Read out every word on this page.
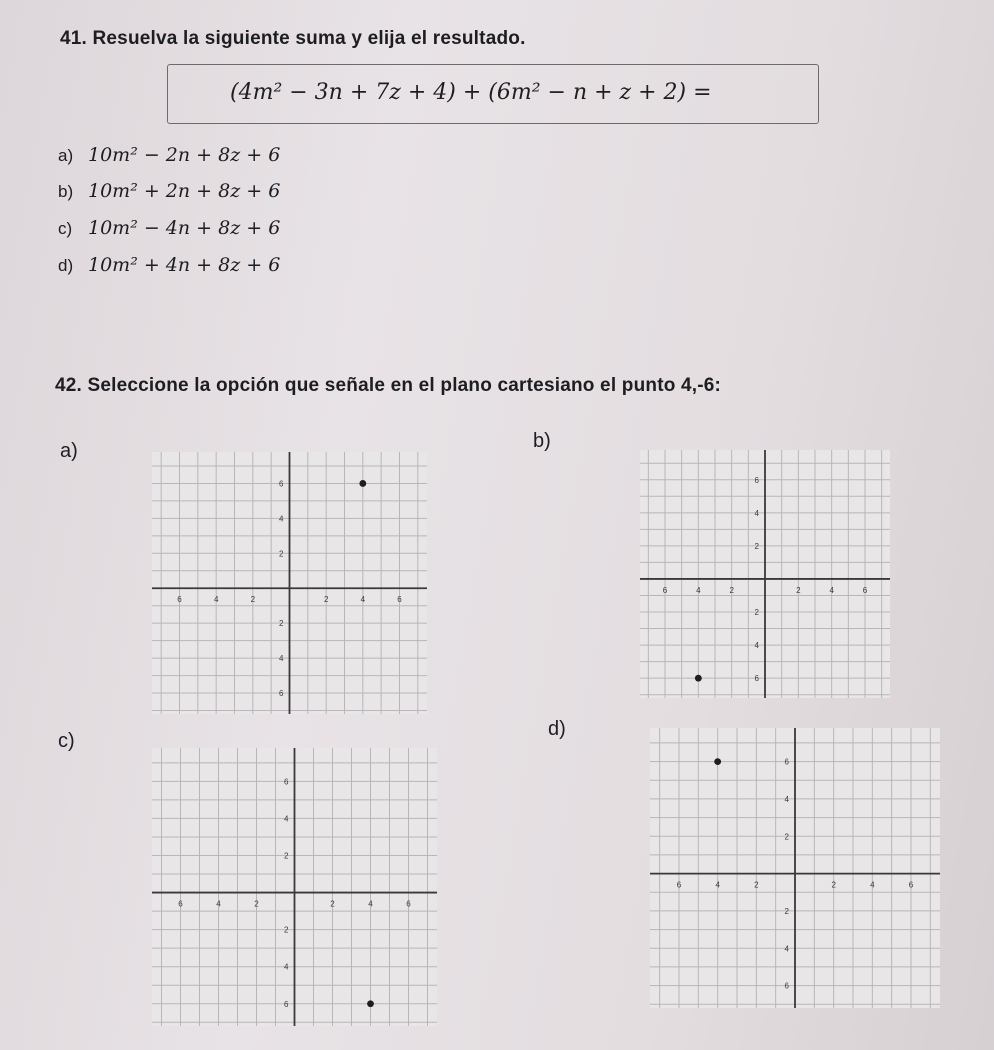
41. Resuelva la siguiente suma y elija el resultado.
(4m² − 3n + 7z + 4) + (6m² − n + z + 2) =
a) 10m² − 2n + 8z + 6
b) 10m² + 2n + 8z + 6
c) 10m² − 4n + 8z + 6
d) 10m² + 4n + 8z + 6
42. Seleccione la opción que señale en el plano cartesiano el punto 4,-6:
a)
6	4	2	2	4	6
6
4
2
2
4
6
b)
6	4	2	2	4	6
6
4
2
2
4
6
c)
6	4	2	2	4	6
6
4
2
2
4
6
d)
6	4	2	2	4	6
6
4
2
2
4
6
